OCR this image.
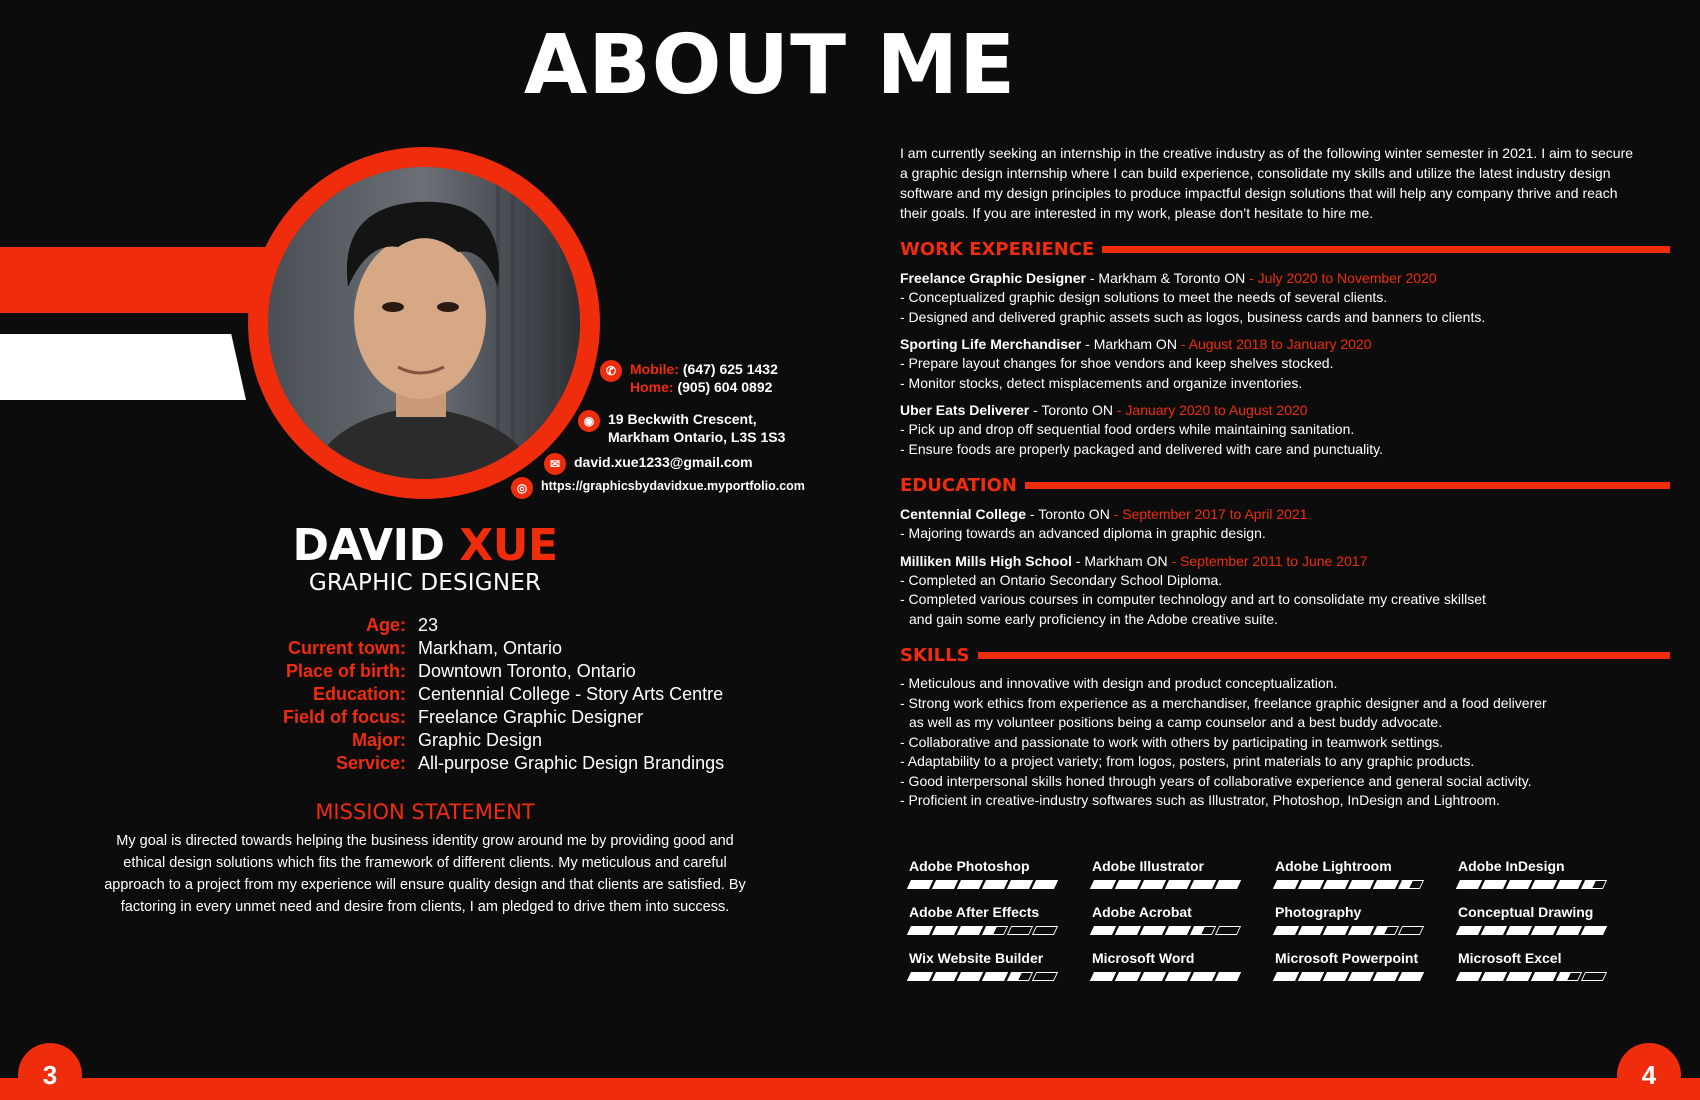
ABOUT ME
✆ Mobile: (647) 625 1432
Home: (905) 604 0892
◉ 19 Beckwith Crescent,
Markham Ontario, L3S 1S3
✉ david.xue1233@gmail.com
◎	https://graphicsbydavidxue.myportfolio.com
DAVID XUE
GRAPHIC DESIGNER
Age: 23
Current town: Markham, Ontario
Place of birth: Downtown Toronto, Ontario
Education: Centennial College - Story Arts Centre
Field of focus: Freelance Graphic Designer
Major: Graphic Design
Service: All-purpose Graphic Design Brandings
MISSION STATEMENT
My goal is directed towards helping the business identity grow around me by providing good and ethical design solutions which fits the framework of different clients. My meticulous and careful approach to a project from my experience will ensure quality design and that clients are satisfied. By factoring in every unmet need and desire from clients, I am pledged to drive them into success.
I am currently seeking an internship in the creative industry as of the following winter semester in 2021. I aim to secure a graphic design internship where I can build experience, consolidate my skills and utilize the latest industry design software and my design principles to produce impactful design solutions that will help any company thrive and reach their goals. If you are interested in my work, please don’t hesitate to hire me.
WORK EXPERIENCE
Freelance Graphic Designer - Markham & Toronto ON - July 2020 to November 2020
- Conceptualized graphic design solutions to meet the needs of several clients.
- Designed and delivered graphic assets such as logos, business cards and banners to clients.
Sporting Life Merchandiser - Markham ON - August 2018 to January 2020
- Prepare layout changes for shoe vendors and keep shelves stocked.
- Monitor stocks, detect misplacements and organize inventories.
Uber Eats Deliverer - Toronto ON - January 2020 to August 2020
- Pick up and drop off sequential food orders while maintaining sanitation.
- Ensure foods are properly packaged and delivered with care and punctuality.
EDUCATION
Centennial College - Toronto ON - September 2017 to April 2021
- Majoring towards an advanced diploma in graphic design.
Milliken Mills High School - Markham ON - September 2011 to June 2017
- Completed an Ontario Secondary School Diploma.
- Completed various courses in computer technology and art to consolidate my creative skillset
and gain some early proficiency in the Adobe creative suite.
SKILLS
- Meticulous and innovative with design and product conceptualization.
- Strong work ethics from experience as a merchandiser, freelance graphic designer and a food deliverer
as well as my volunteer positions being a camp counselor and a best buddy advocate.
- Collaborative and passionate to work with others by participating in teamwork settings.
- Adaptability to a project variety; from logos, posters, print materials to any graphic products.
- Good interpersonal skills honed through years of collaborative experience and general social activity.
- Proficient in creative-industry softwares such as Illustrator, Photoshop, InDesign and Lightroom.
Adobe Photoshop	Adobe Illustrator	Adobe Lightroom	Adobe InDesign
Adobe After Effects	Adobe Acrobat	Photography	Conceptual Drawing
Wix Website Builder	Microsoft Word	Microsoft Powerpoint	Microsoft Excel
3	4
